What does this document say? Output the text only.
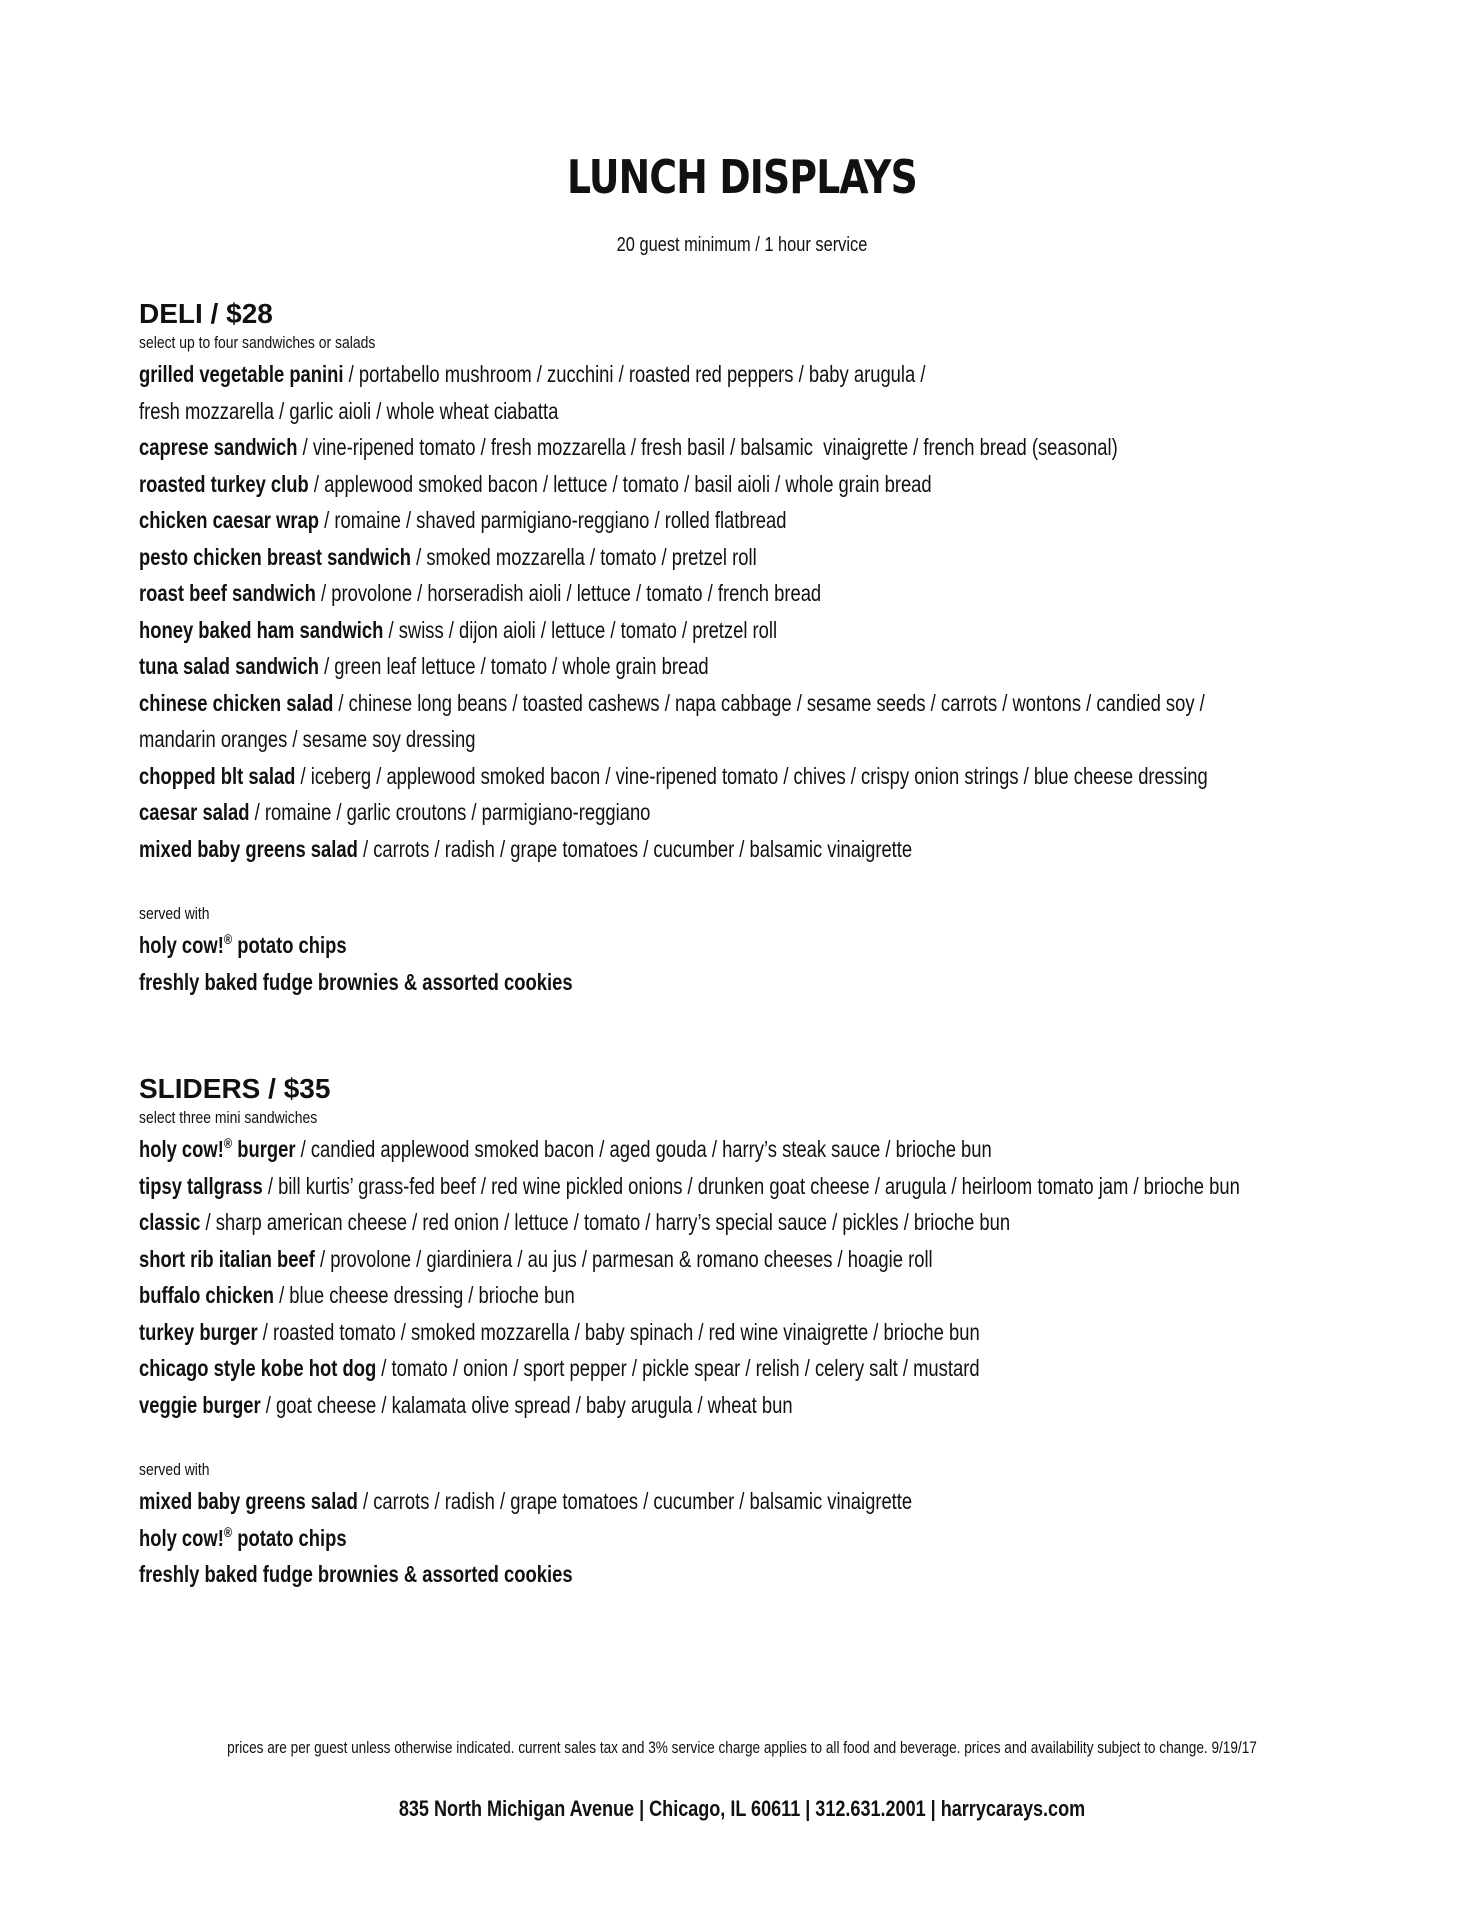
LUNCH DISPLAYS

20 guest minimum / 1 hour service

DELI / $28

select up to four sandwiches or salads

grilled vegetable panini / portabello mushroom / zucchini / roasted red peppers / baby arugula /
fresh mozzarella / garlic aioli / whole wheat ciabatta
caprese sandwich / vine-ripened tomato / fresh mozzarella / fresh basil / balsamic  vinaigrette / french bread (seasonal)
roasted turkey club / applewood smoked bacon / lettuce / tomato / basil aioli / whole grain bread
chicken caesar wrap / romaine / shaved parmigiano-reggiano / rolled flatbread
pesto chicken breast sandwich / smoked mozzarella / tomato / pretzel roll
roast beef sandwich / provolone / horseradish aioli / lettuce / tomato / french bread
honey baked ham sandwich / swiss / dijon aioli / lettuce / tomato / pretzel roll
tuna salad sandwich / green leaf lettuce / tomato / whole grain bread
chinese chicken salad / chinese long beans / toasted cashews / napa cabbage / sesame seeds / carrots / wontons / candied soy /
mandarin oranges / sesame soy dressing
chopped blt salad / iceberg / applewood smoked bacon / vine-ripened tomato / chives / crispy onion strings / blue cheese dressing
caesar salad / romaine / garlic croutons / parmigiano-reggiano
mixed baby greens salad / carrots / radish / grape tomatoes / cucumber / balsamic vinaigrette

served with

holy cow!® potato chips
freshly baked fudge brownies & assorted cookies
SLIDERS / $35

select three mini sandwiches

holy cow!® burger / candied applewood smoked bacon / aged gouda / harry’s steak sauce / brioche bun
tipsy tallgrass / bill kurtis’ grass-fed beef / red wine pickled onions / drunken goat cheese / arugula / heirloom tomato jam / brioche bun
classic / sharp american cheese / red onion / lettuce / tomato / harry’s special sauce / pickles / brioche bun
short rib italian beef / provolone / giardiniera / au jus / parmesan & romano cheeses / hoagie roll
buffalo chicken / blue cheese dressing / brioche bun
turkey burger / roasted tomato / smoked mozzarella / baby spinach / red wine vinaigrette / brioche bun
chicago style kobe hot dog / tomato / onion / sport pepper / pickle spear / relish / celery salt / mustard
veggie burger / goat cheese / kalamata olive spread / baby arugula / wheat bun

served with

mixed baby greens salad / carrots / radish / grape tomatoes / cucumber / balsamic vinaigrette
holy cow!® potato chips
freshly baked fudge brownies & assorted cookies

prices are per guest unless otherwise indicated. current sales tax and 3% service charge applies to all food and beverage. prices and availability subject to change. 9/19/17

835 North Michigan Avenue | Chicago, IL 60611 | 312.631.2001 | harrycarays.com
